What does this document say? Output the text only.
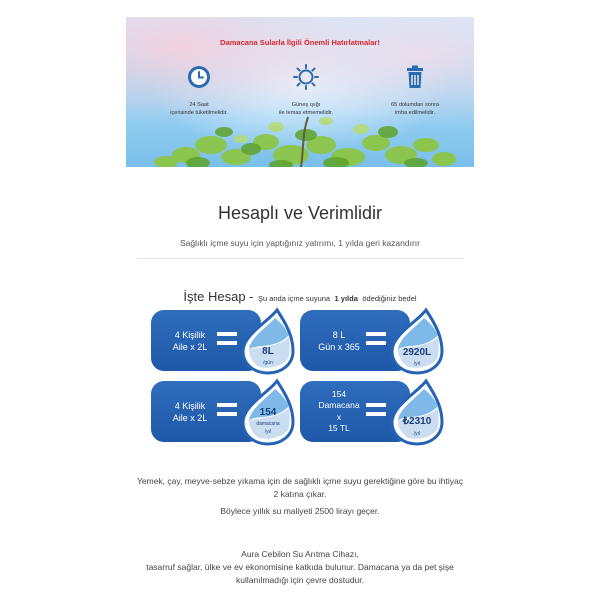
Damacana Sularla İlgili Önemli Hatırlatmalar!
24 Saat
içerisinde tüketilmelidir.
Güneş ışığı
ile temas etmemelidir.
65 dolumdan sonra
imha edilmelidir.
Hesaplı ve Verimlidir
Sağlıklı içme suyu için yaptığınız yatırımı, 1 yılda geri kazandırır
İşte Hesap - Şu anda içme suyuna 1 yılda ödediğiniz bedel
4 Kişilik
Aile x 2L	8L
/gün
8 L
Gün x 365
2920L
/yıl
4 Kişilik
Aile x 2L	154
damacana
/yıl
154
Damacana
x
15 TL
₺2310
/yıl
Yemek, çay, meyve-sebze yıkama için de sağlıklı içme suyu gerektiğine göre bu ihtiyaç
2 katına çıkar.
Böylece yıllık su maliyeti 2500 lirayı geçer.
Aura Cebilon Su Arıtma Cihazı,
tasarruf sağlar, ülke ve ev ekonomisine katkıda bulunur. Damacana ya da pet şişe
kullanılmadığı için çevre dostudur.
